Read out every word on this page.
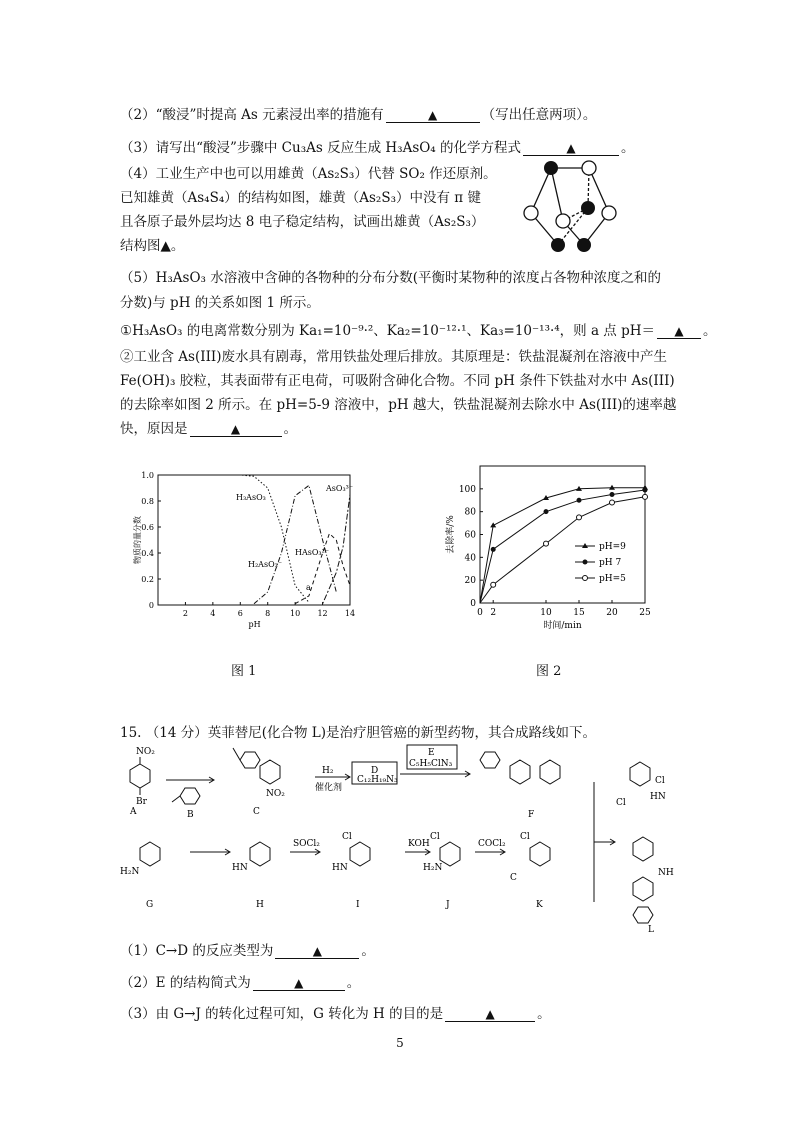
（2）“酸浸”时提高 As 元素浸出率的措施有	▲	（写出任意两项）。
（3）请写出“酸浸”步骤中 Cu₃As 反应生成 H₃AsO₄ 的化学方程式	▲	。
（4）工业生产中也可以用雄黄（As₂S₃）代替 SO₂ 作还原剂。
已知雄黄（As₄S₄）的结构如图，雄黄（As₂S₃）中没有 π 键
且各原子最外层均达 8 电子稳定结构，试画出雄黄（As₂S₃）
结构图▲。
（5）H₃AsO₃ 水溶液中含砷的各物种的分布分数(平衡时某物种的浓度占各物种浓度之和的
分数)与 pH 的关系如图 1 所示。
①H₃AsO₃ 的电离常数分别为 Ka₁=10⁻⁹·²、Ka₂=10⁻¹²·¹、Ka₃=10⁻¹³·⁴，则 a 点 pH＝ ▲ 。
②工业含 As(III)废水具有剧毒，常用铁盐处理后排放。其原理是：铁盐混凝剂在溶液中产生
Fe(OH)₃ 胶粒，其表面带有正电荷，可吸附含砷化合物。不同 pH 条件下铁盐对水中 As(III)
的去除率如图 2 所示。在 pH=5-9 溶液中，pH 越大，铁盐混凝剂去除水中 As(III)的速率越
快，原因是	▲	。
2	4	6	8 10 12 14
0
0.2
0.4
0.6
0.8
1.0
pH
物质的量分数
H₃AsO₃
H₂AsO₃⁻
HAsO₃²⁻
AsO₃³⁻
a
图 1
0 2	10 15 20 25
0
20
40
60
80
100
时间/min
去除率/%	pH=9
pH 7
pH=5
图 2
15. （14 分）英菲替尼(化合物 L)是治疗胆管癌的新型药物，其合成路线如下。
NO₂
Br
A	B
NO₂
C
H₂
催化剂
D
C₁₂H₁₉N₃
E
C₅H₅ClN₃
F
Cl
Cl
HN
NH
L
H₂N
G
HN
H
SOCl₂
Cl
HN
I
KOH
Cl
H₂N
J
COCl₂
Cl
C
K
（1）C→D 的反应类型为	▲	。
（2）E 的结构简式为	▲	。
（3）由 G→J 的转化过程可知，G 转化为 H 的目的是	▲	。
5
